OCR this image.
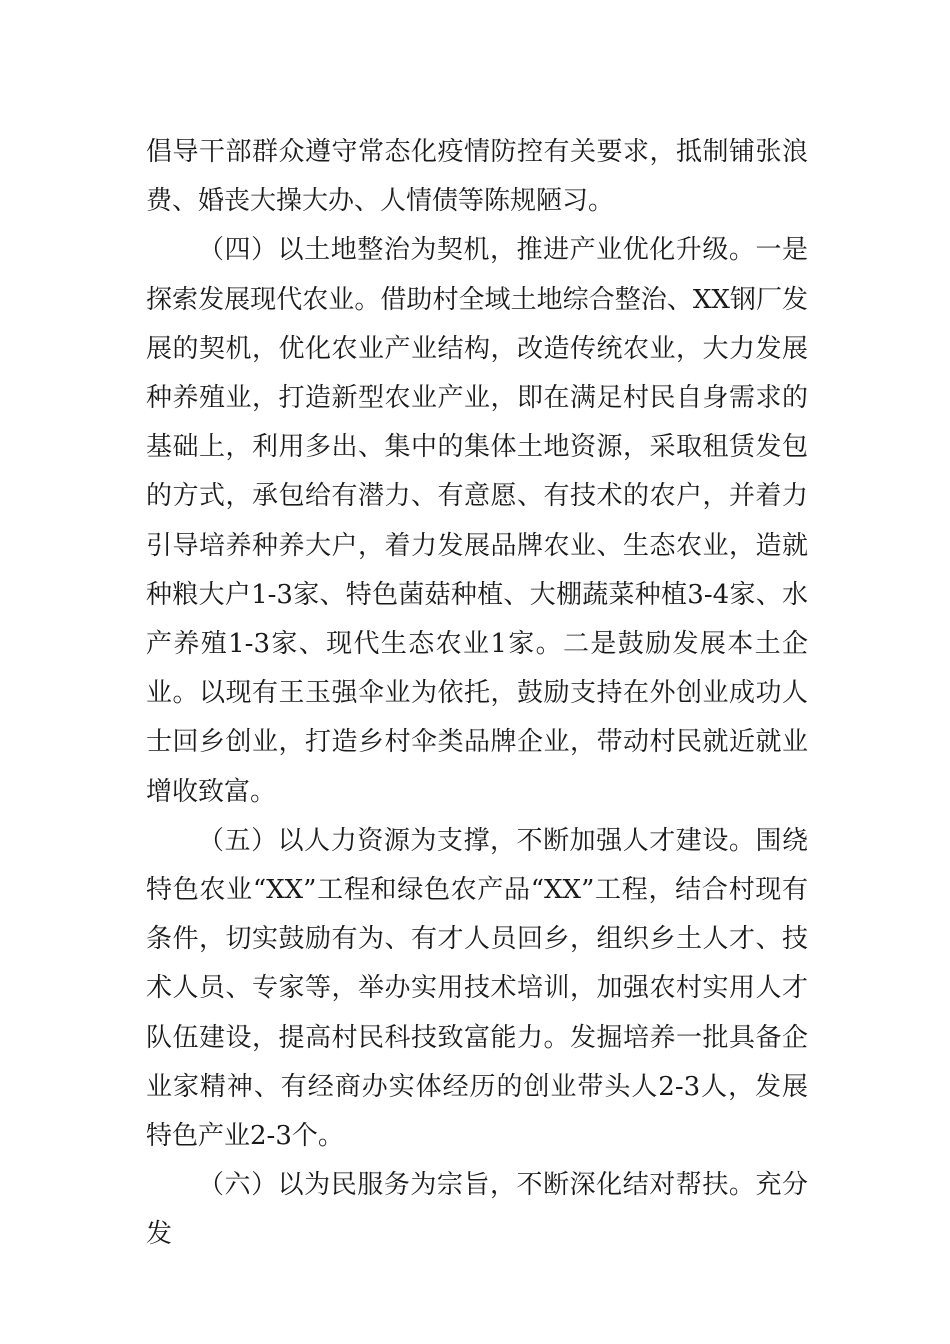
倡导干部群众遵守常态化疫情防控有关要求，抵制铺张浪费、婚丧大操大办、人情债等陈规陋习。

（四）以土地整治为契机，推进产业优化升级。一是探索发展现代农业。借助村全域土地综合整治、XX钢厂发展的契机，优化农业产业结构，改造传统农业，大力发展种养殖业，打造新型农业产业，即在满足村民自身需求的基础上，利用多出、集中的集体土地资源，采取租赁发包的方式，承包给有潜力、有意愿、有技术的农户，并着力引导培养种养大户，着力发展品牌农业、生态农业，造就种粮大户1-3家、特色菌菇种植、大棚蔬菜种植3-4家、水产养殖1-3家、现代生态农业1家。二是鼓励发展本土企业。以现有王玉强伞业为依托，鼓励支持在外创业成功人士回乡创业，打造乡村伞类品牌企业，带动村民就近就业增收致富。

（五）以人力资源为支撑，不断加强人才建设。围绕特色农业“XX”工程和绿色农产品“XX”工程，结合村现有条件，切实鼓励有为、有才人员回乡，组织乡土人才、技术人员、专家等，举办实用技术培训，加强农村实用人才队伍建设，提高村民科技致富能力。发掘培养一批具备企业家精神、有经商办实体经历的创业带头人2-3人，发展特色产业2-3个。

（六）以为民服务为宗旨，不断深化结对帮扶。充分发
